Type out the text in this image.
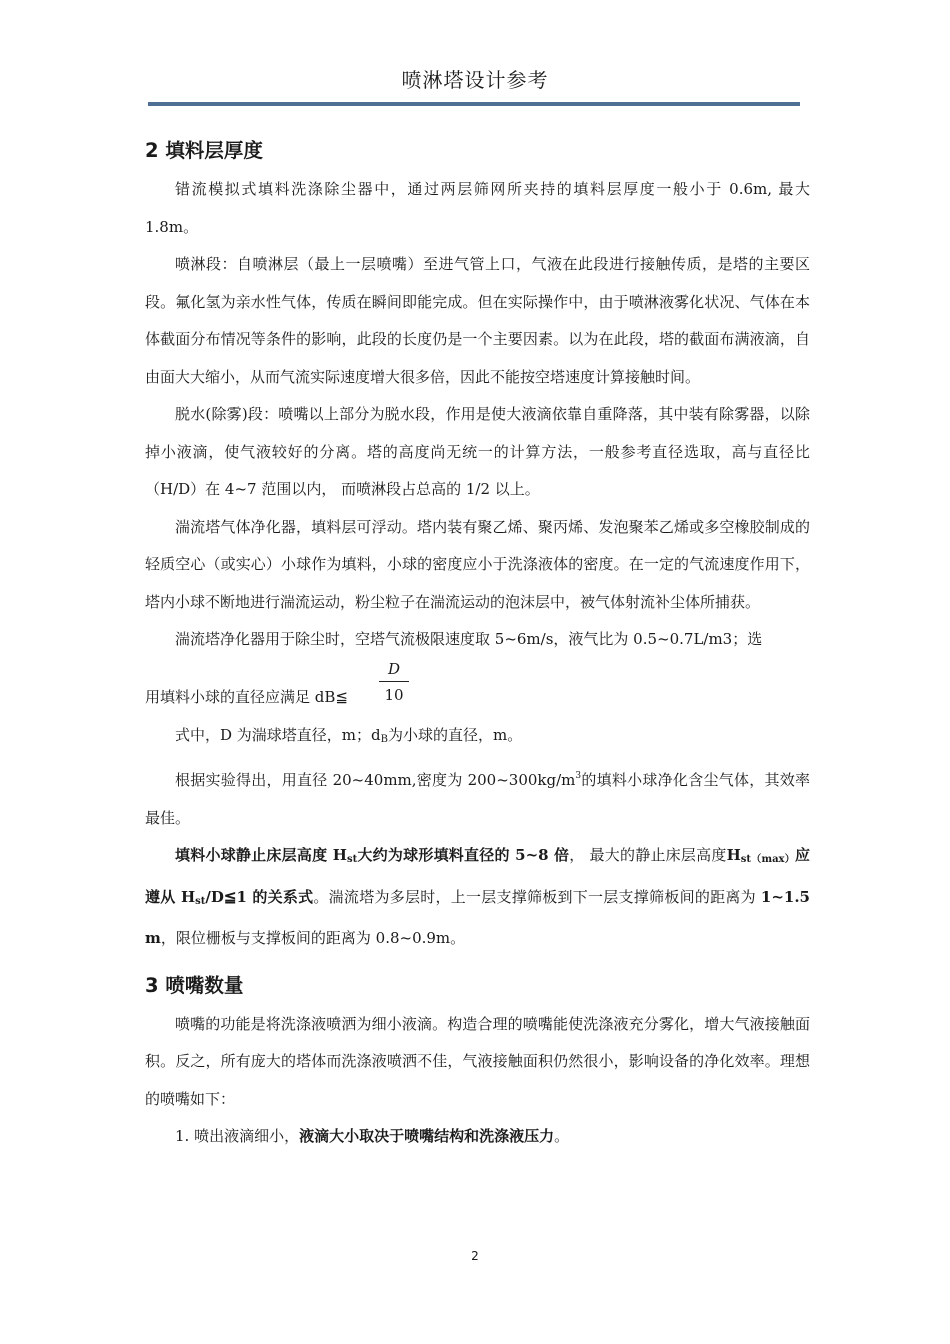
喷淋塔设计参考
2 填料层厚度

错流模拟式填料洗涤除尘器中，通过两层筛网所夹持的填料层厚度一般小于 0.6m, 最大 1.8m。

喷淋段：自喷淋层（最上一层喷嘴）至进气管上口，气液在此段进行接触传质，是塔的主要区段。氟化氢为亲水性气体，传质在瞬间即能完成。但在实际操作中，由于喷淋液雾化状况、气体在本体截面分布情况等条件的影响，此段的长度仍是一个主要因素。以为在此段，塔的截面布满液滴，自由面大大缩小，从而气流实际速度增大很多倍，因此不能按空塔速度计算接触时间。

脱水(除雾)段：喷嘴以上部分为脱水段，作用是使大液滴依靠自重降落，其中装有除雾器，以除掉小液滴，使气液较好的分离。塔的高度尚无统一的计算方法，一般参考直径选取，高与直径比（H/D）在 4~7 范围以内， 而喷淋段占总高的 1/2 以上。

湍流塔气体净化器，填料层可浮动。塔内装有聚乙烯、聚丙烯、发泡聚苯乙烯或多空橡胶制成的轻质空心（或实心）小球作为填料，小球的密度应小于洗涤液体的密度。在一定的气流速度作用下，塔内小球不断地进行湍流运动，粉尘粒子在湍流运动的泡沫层中，被气体射流补尘体所捕获。

湍流塔净化器用于除尘时，空塔气流极限速度取 5~6m/s，液气比为 0.5~0.7L/m3；选

用填料小球的直径应满足 dB≦ $\frac{D}{10}$

式中，D 为湍球塔直径，m；$d_B$为小球的直径，m。

根据实验得出，用直径 20~40mm,密度为 $200\sim 300kg/m^3$的填料小球净化含尘气体，其效率最佳。

填料小球静止床层高度 $H_{st}$大约为球形填料直径的 5~8 倍， 最大的静止床层高度$H_{st(max)}$应遵从 $H_{st}/D≦1$ 的关系式。湍流塔为多层时，上一层支撑筛板到下一层支撑筛板间的距离为 1~1.5 m，限位栅板与支撑板间的距离为 0.8~0.9m。

3 喷嘴数量

喷嘴的功能是将洗涤液喷洒为细小液滴。构造合理的喷嘴能使洗涤液充分雾化，增大气液接触面积。反之，所有庞大的塔体而洗涤液喷洒不佳，气液接触面积仍然很小，影响设备的净化效率。理想的喷嘴如下：

1. 喷出液滴细小，液滴大小取决于喷嘴结构和洗涤液压力。

2
